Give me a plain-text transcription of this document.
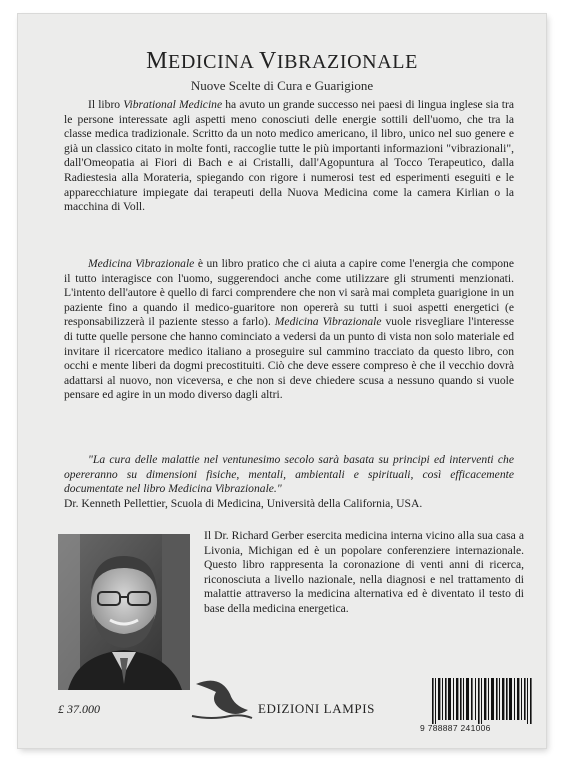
MEDICINA VIBRAZIONALE
Nuove Scelte di Cura e Guarigione
Il libro Vibrational Medicine ha avuto un grande successo nei paesi di lingua inglese sia tra le persone interessate agli aspetti meno conosciuti delle energie sottili dell'uomo, che tra la classe medica tradizionale. Scritto da un noto medico americano, il libro, unico nel suo genere e già un classico citato in molte fonti, raccoglie tutte le più importanti informazioni "vibrazionali", dall'Omeopatia ai Fiori di Bach e ai Cristalli, dall'Agopuntura al Tocco Terapeutico, dalla Radiestesia alla Morateria, spiegando con rigore i numerosi test ed esperimenti eseguiti e le apparecchiature impiegate dai terapeuti della Nuova Medicina come la camera Kirlian o la macchina di Voll.
Medicina Vibrazionale è un libro pratico che ci aiuta a capire come l'energia che compone il tutto interagisce con l'uomo, suggerendoci anche come utilizzare gli strumenti menzionati. L'intento dell'autore è quello di farci comprendere che non vi sarà mai completa guarigione in un paziente fino a quando il medico-guaritore non opererà su tutti i suoi aspetti energetici (e responsabilizzerà il paziente stesso a farlo). Medicina Vibrazionale vuole risvegliare l'interesse di tutte quelle persone che hanno cominciato a vedersi da un punto di vista non solo materiale ed invitare il ricercatore medico italiano a proseguire sul cammino tracciato da questo libro, con occhi e mente liberi da dogmi precostituiti. Ciò che deve essere compreso è che il vecchio dovrà adattarsi al nuovo, non viceversa, e che non si deve chiedere scusa a nessuno quando si vuole pensare ed agire in un modo diverso dagli altri.
"La cura delle malattie nel ventunesimo secolo sarà basata su principi ed interventi che opereranno su dimensioni fisiche, mentali, ambientali e spirituali, così efficacemente documentate nel libro Medicina Vibrazionale."
Dr. Kenneth Pellettier, Scuola di Medicina, Università della California, USA.
Il Dr. Richard Gerber esercita medicina interna vicino alla sua casa a Livonia, Michigan ed è un popolare conferenziere internazionale. Questo libro rappresenta la coronazione di venti anni di ricerca, riconosciuta a livello nazionale, nella diagnosi e nel trattamento di malattie attraverso la medicina alternativa ed è diventato il testo di base della medicina energetica.
£ 37.000	EDIZIONI LAMPIS
9 788887 241006
